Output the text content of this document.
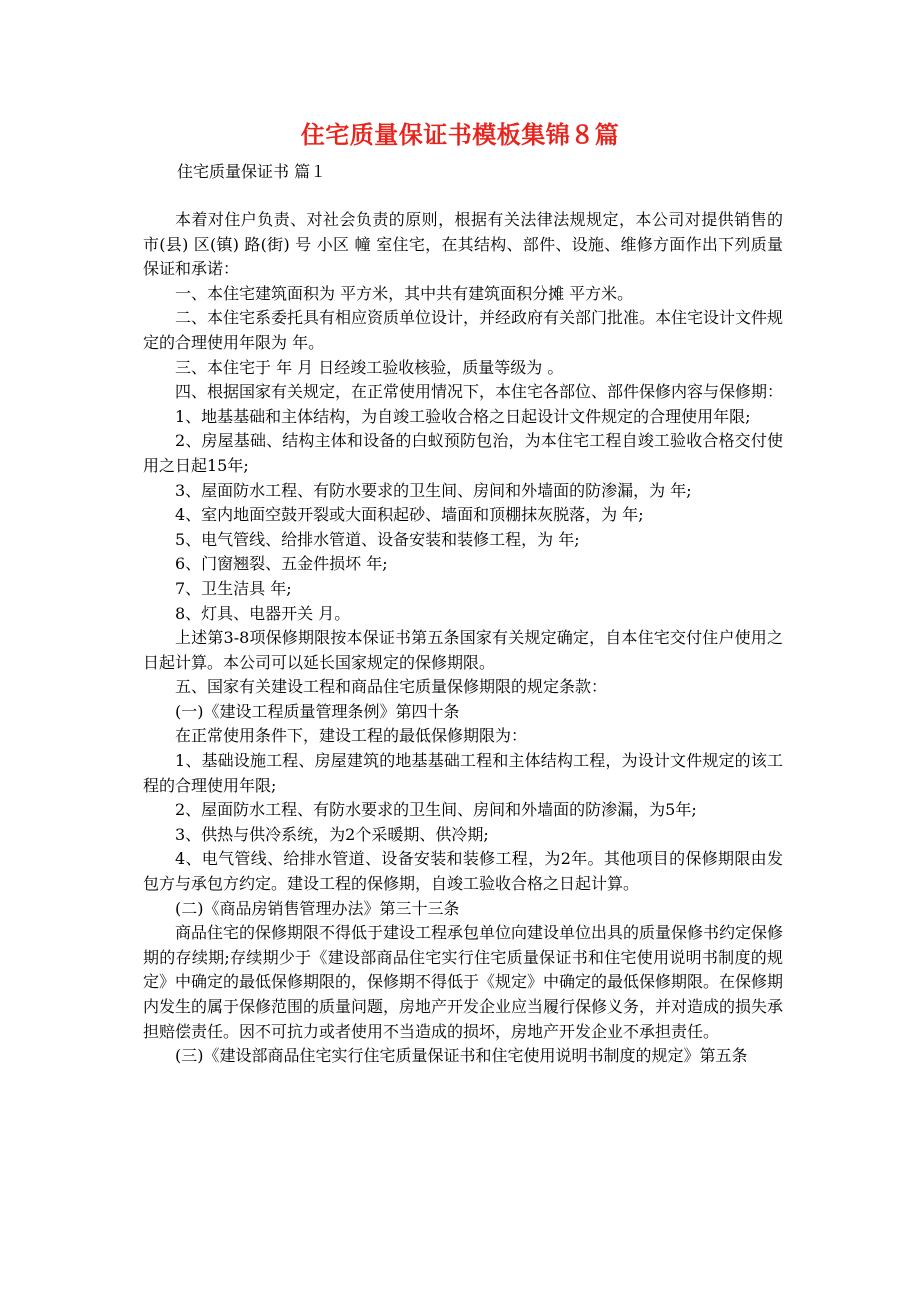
住宅质量保证书模板集锦８篇
住宅质量保证书 篇１

本着对住户负责、对社会负责的原则，根据有关法律法规规定，本公司对提供销售的 市(县) 区(镇) 路(街) 号 小区 幢 室住宅，在其结构、部件、设施、维修方面作出下列质量保证和承诺：

一、本住宅建筑面积为 平方米，其中共有建筑面积分摊 平方米。

二、本住宅系委托具有相应资质单位设计，并经政府有关部门批准。本住宅设计文件规定的合理使用年限为 年。

三、本住宅于 年 月 日经竣工验收核验，质量等级为 。

四、根据国家有关规定，在正常使用情况下，本住宅各部位、部件保修内容与保修期：

1、地基基础和主体结构，为自竣工验收合格之日起设计文件规定的合理使用年限;

2、房屋基础、结构主体和设备的白蚁预防包治，为本住宅工程自竣工验收合格交付使用之日起15年;

3、屋面防水工程、有防水要求的卫生间、房间和外墙面的防渗漏，为 年;

4、室内地面空鼓开裂或大面积起砂、墙面和顶棚抹灰脱落，为 年;

5、电气管线、给排水管道、设备安装和装修工程，为 年;

6、门窗翘裂、五金件损坏 年;

7、卫生洁具 年;

8、灯具、电器开关 月。

上述第3-8项保修期限按本保证书第五条国家有关规定确定，自本住宅交付住户使用之日起计算。本公司可以延长国家规定的保修期限。

五、国家有关建设工程和商品住宅质量保修期限的规定条款：

(一)《建设工程质量管理条例》第四十条

在正常使用条件下，建设工程的最低保修期限为：

1、基础设施工程、房屋建筑的地基基础工程和主体结构工程，为设计文件规定的该工程的合理使用年限;

2、屋面防水工程、有防水要求的卫生间、房间和外墙面的防渗漏，为5年;

3、供热与供冷系统，为2个采暖期、供冷期;

4、电气管线、给排水管道、设备安装和装修工程，为2年。其他项目的保修期限由发包方与承包方约定。建设工程的保修期，自竣工验收合格之日起计算。

(二)《商品房销售管理办法》第三十三条

商品住宅的保修期限不得低于建设工程承包单位向建设单位出具的质量保修书约定保修期的存续期;存续期少于《建设部商品住宅实行住宅质量保证书和住宅使用说明书制度的规定》中确定的最低保修期限的，保修期不得低于《规定》中确定的最低保修期限。在保修期内发生的属于保修范围的质量问题，房地产开发企业应当履行保修义务，并对造成的损失承担赔偿责任。因不可抗力或者使用不当造成的损坏，房地产开发企业不承担责任。

(三)《建设部商品住宅实行住宅质量保证书和住宅使用说明书制度的规定》第五条
